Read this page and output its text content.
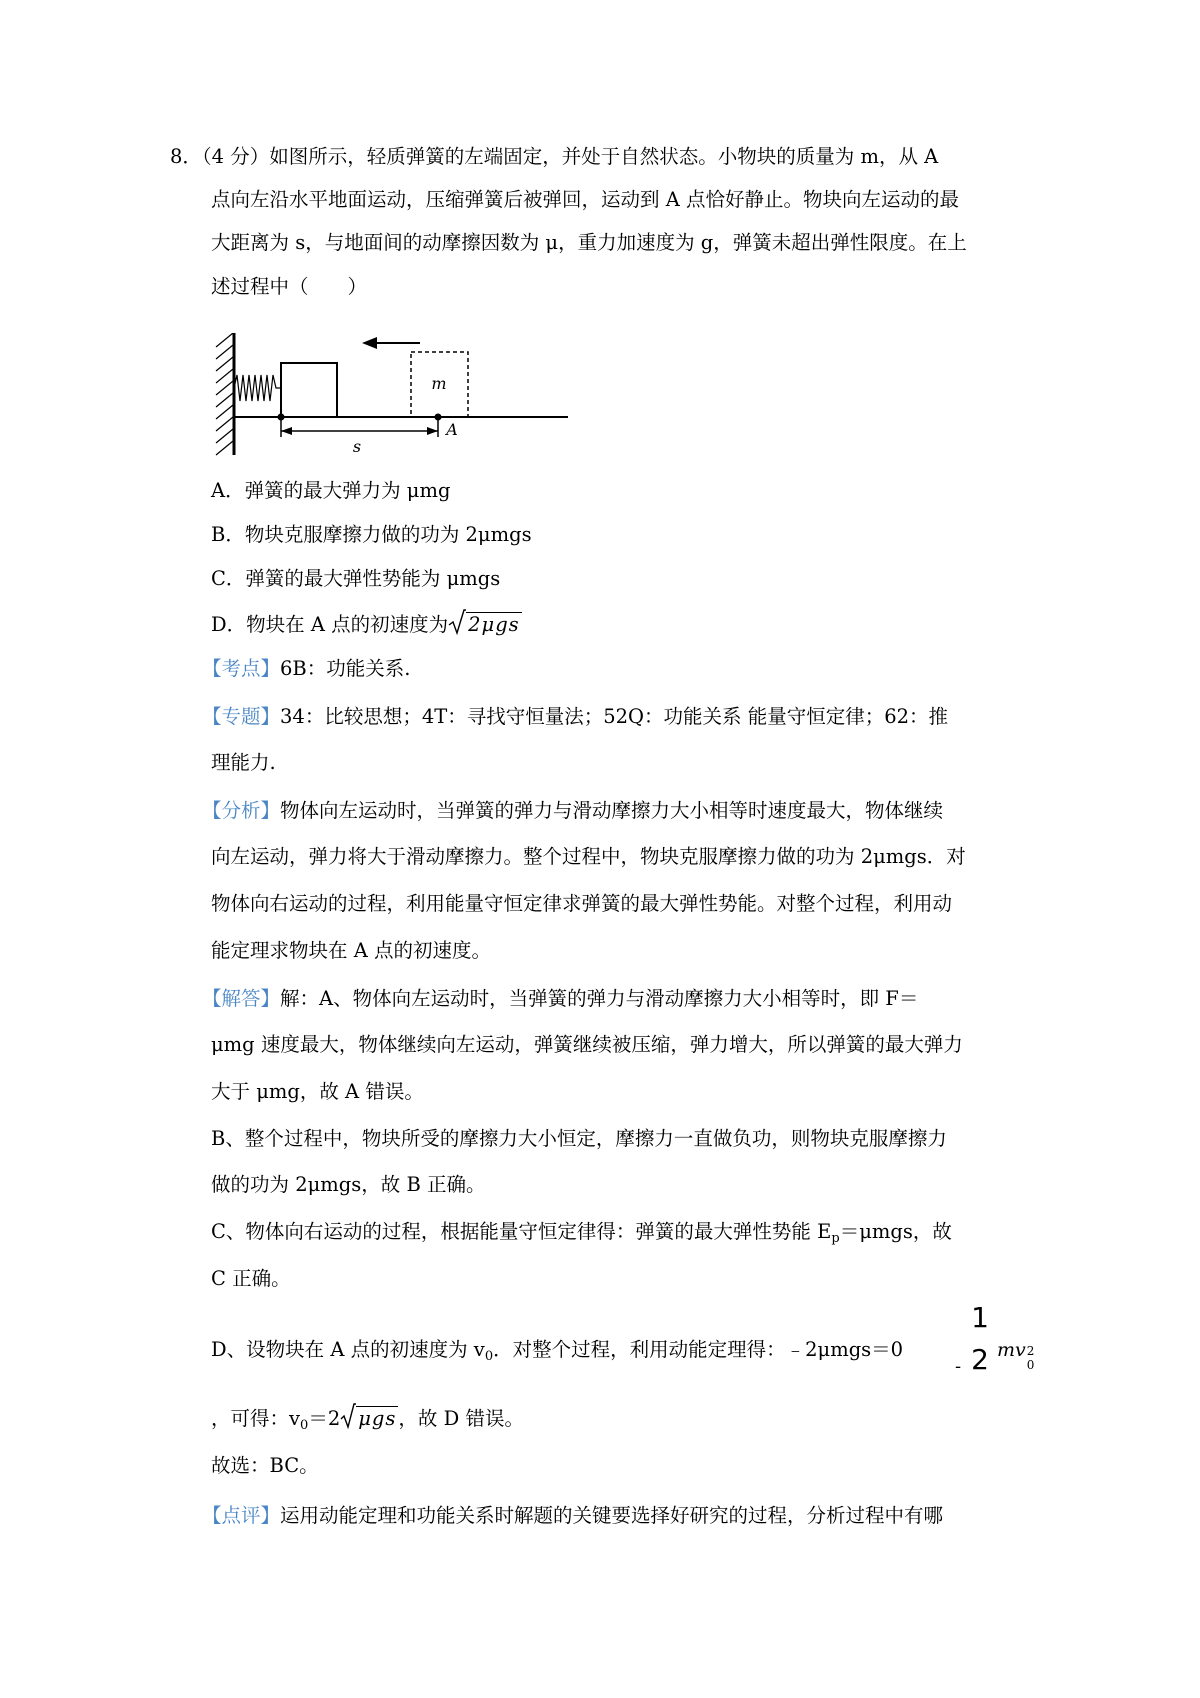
8．（4 分）如图所示，轻质弹簧的左端固定，并处于自然状态。小物块的质量为 m，从 A
点向左沿水平地面运动，压缩弹簧后被弹回，运动到 A 点恰好静止。物块向左运动的最
大距离为 s，与地面间的动摩擦因数为 μ，重力加速度为 g，弹簧未超出弹性限度。在上
述过程中（　　）
m
s
A
A．弹簧的最大弹力为 μmg
B．物块克服摩擦力做的功为 2μmgs
C．弹簧的最大弹性势能为 μmgs
D．物块在 A 点的初速度为 2μgs
【考点】6B：功能关系.
【专题】34：比较思想；4T：寻找守恒量法；52Q：功能关系 能量守恒定律；62：推
理能力.
【分析】物体向左运动时，当弹簧的弹力与滑动摩擦力大小相等时速度最大，物体继续
向左运动，弹力将大于滑动摩擦力。整个过程中，物块克服摩擦力做的功为 2μmgs．对
物体向右运动的过程，利用能量守恒定律求弹簧的最大弹性势能。对整个过程，利用动
能定理求物块在 A 点的初速度。
【解答】解：A、物体向左运动时，当弹簧的弹力与滑动摩擦力大小相等时，即 F＝
μmg 速度最大，物体继续向左运动，弹簧继续被压缩，弹力增大，所以弹簧的最大弹力
大于 μmg，故 A 错误。
B、整个过程中，物块所受的摩擦力大小恒定，摩擦力一直做负功，则物块克服摩擦力
做的功为 2μmgs，故 B 正确。
C、物体向右运动的过程，根据能量守恒定律得：弹簧的最大弹性势能 $E_p=\mu mgs$，故
C 正确。
D、设物块在 A 点的初速度为 $v_0$．对整个过程，利用动能定理得：﹣2μmgs＝0
1
2
-
mv 2
0
，可得：$v_0=2$ μgs ，故 D 错误。
故选：BC。
【点评】运用动能定理和功能关系时解题的关键要选择好研究的过程，分析过程中有哪
